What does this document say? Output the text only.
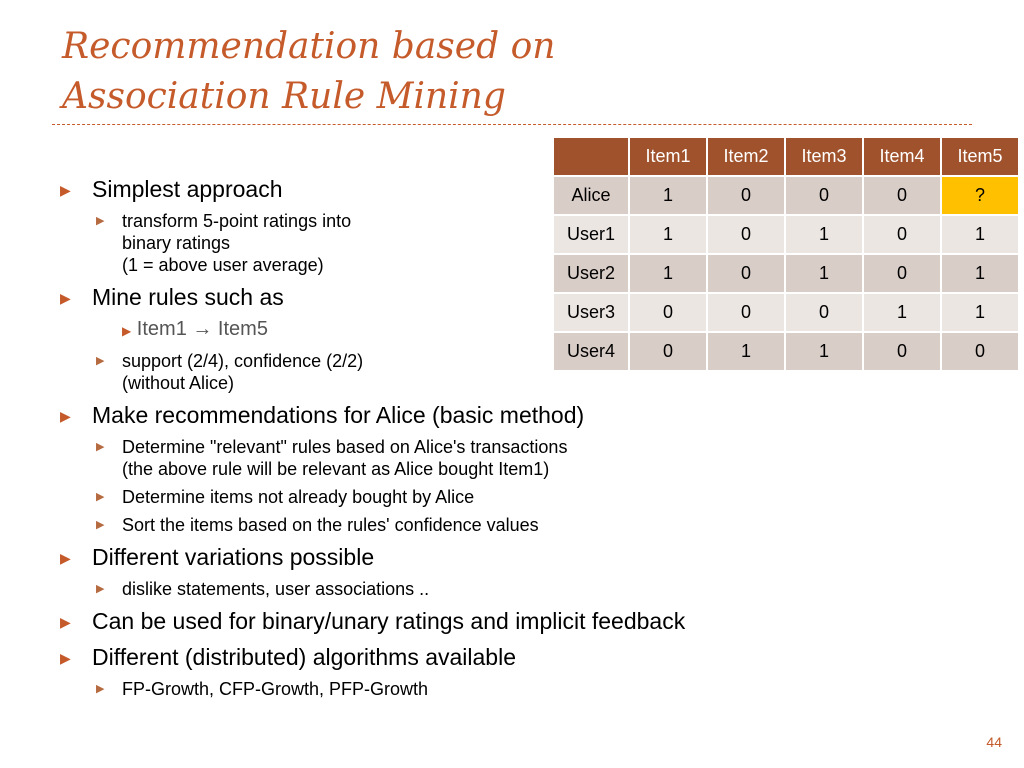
Recommendation based on
Association Rule Mining
▶ Simplest approach
▶ transform 5-point ratings into
binary ratings
(1 = above user average)
▶ Mine rules such as
▶ Item1 → Item5
▶ support (2/4), confidence (2/2)
(without Alice)
▶ Make recommendations for Alice (basic method)
▶ Determine "relevant" rules based on Alice's transactions
(the above rule will be relevant as Alice bought Item1)
▶ Determine items not already bought by Alice
▶ Sort the items based on the rules' confidence values
▶ Different variations possible
▶ dislike statements, user associations ..
▶ Can be used for binary/unary ratings and implicit feedback
▶ Different (distributed) algorithms available
▶ FP-Growth, CFP-Growth, PFP-Growth
	Item1	Item2	Item3	Item4	Item5
Alice	1	0	0	0	?
User1	1	0	1	0	1
User2	1	0	1	0	1
User3	0	0	0	1	1
User4	0	1	1	0	0
44
